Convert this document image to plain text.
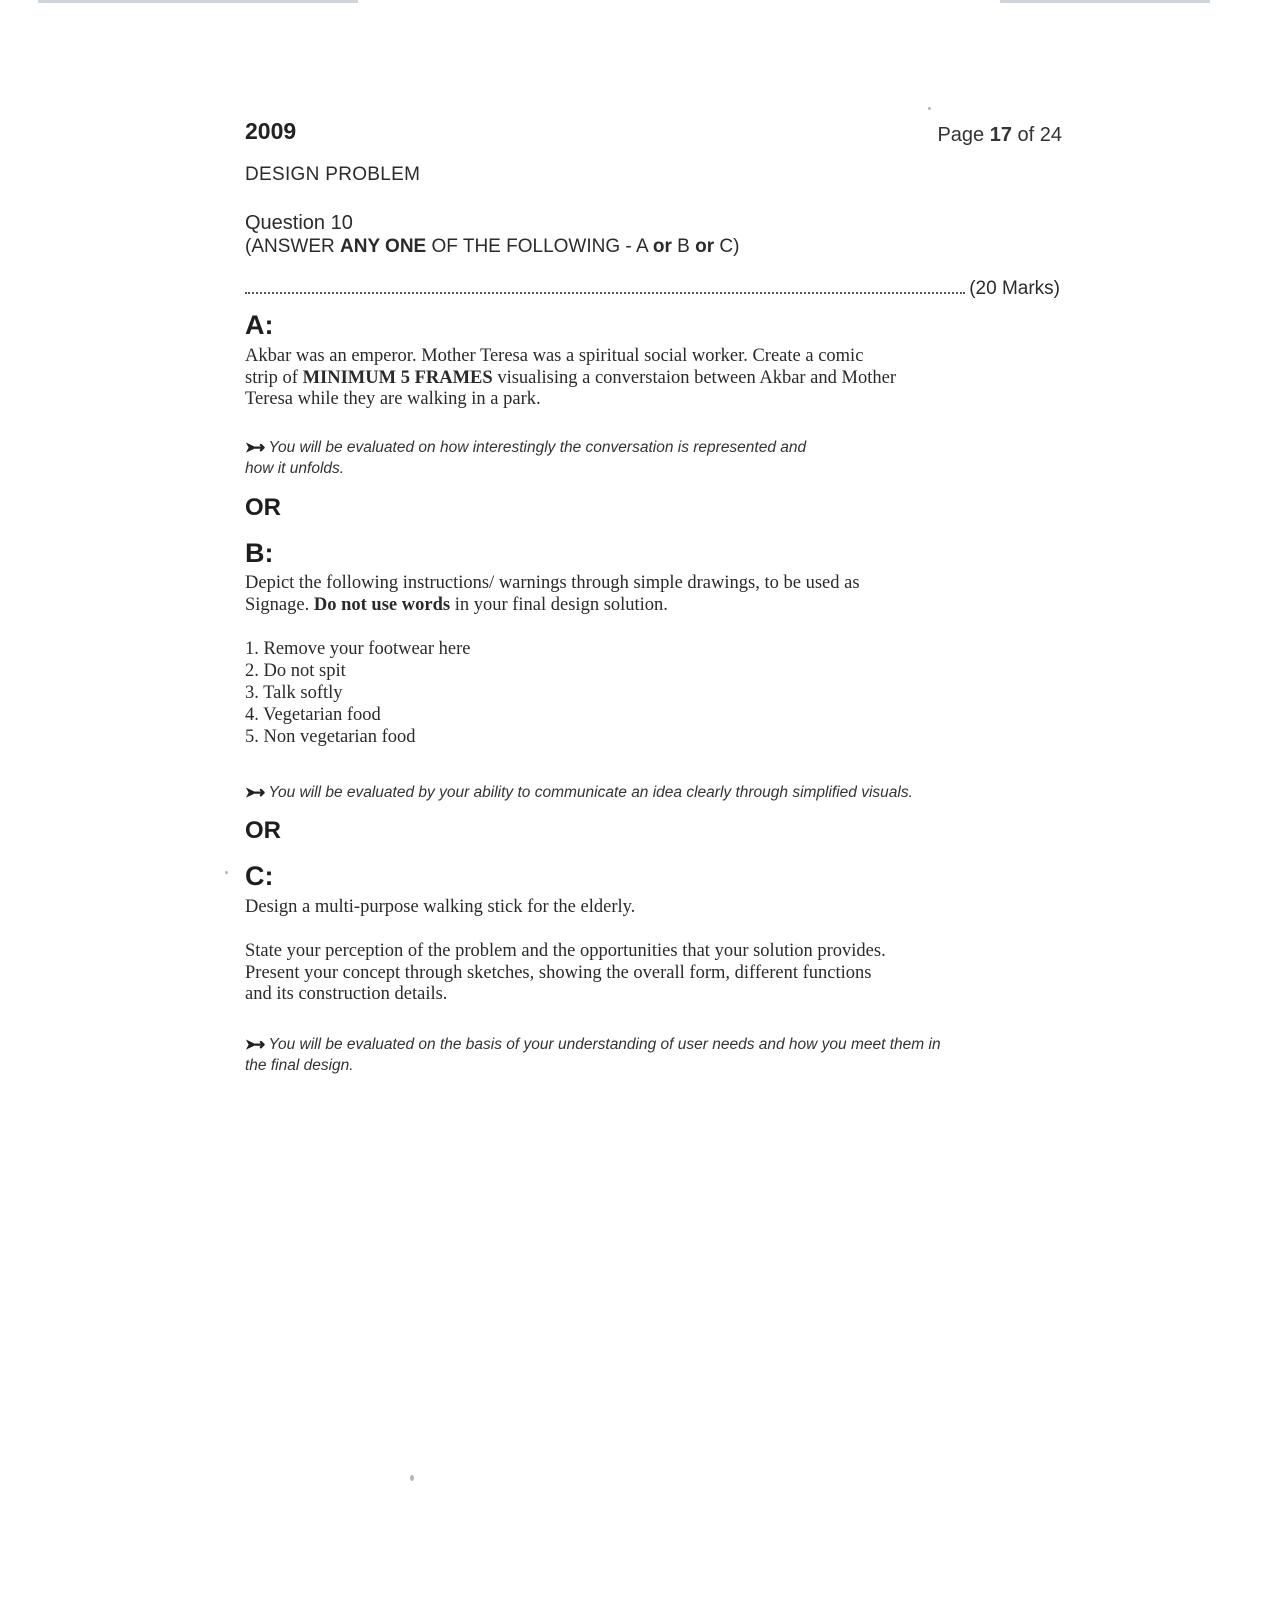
2009	Page 17 of 24
DESIGN PROBLEM
Question 10
(ANSWER ANY ONE OF THE FOLLOWING - A or B or C)
(20 Marks)
A:

Akbar was an emperor. Mother Teresa was a spiritual social worker. Create a comic

strip of MINIMUM 5 FRAMES visualising a converstaion between Akbar and Mother

Teresa while they are walking in a park.

➤➜ You will be evaluated on how interestingly the conversation is represented and
how it unfolds.
OR
B:

Depict the following instructions/ warnings through simple drawings, to be used as

Signage. Do not use words in your final design solution.

1. Remove your footwear here
2. Do not spit
3. Talk softly
4. Vegetarian food
5. Non vegetarian food
➤➜ You will be evaluated by your ability to communicate an idea clearly through simplified visuals.
OR
C:

Design a multi-purpose walking stick for the elderly.

State your perception of the problem and the opportunities that your solution provides.

Present your concept through sketches, showing the overall form, different functions

and its construction details.

➤➜ You will be evaluated on the basis of your understanding of user needs and how you meet them in
the final design.
